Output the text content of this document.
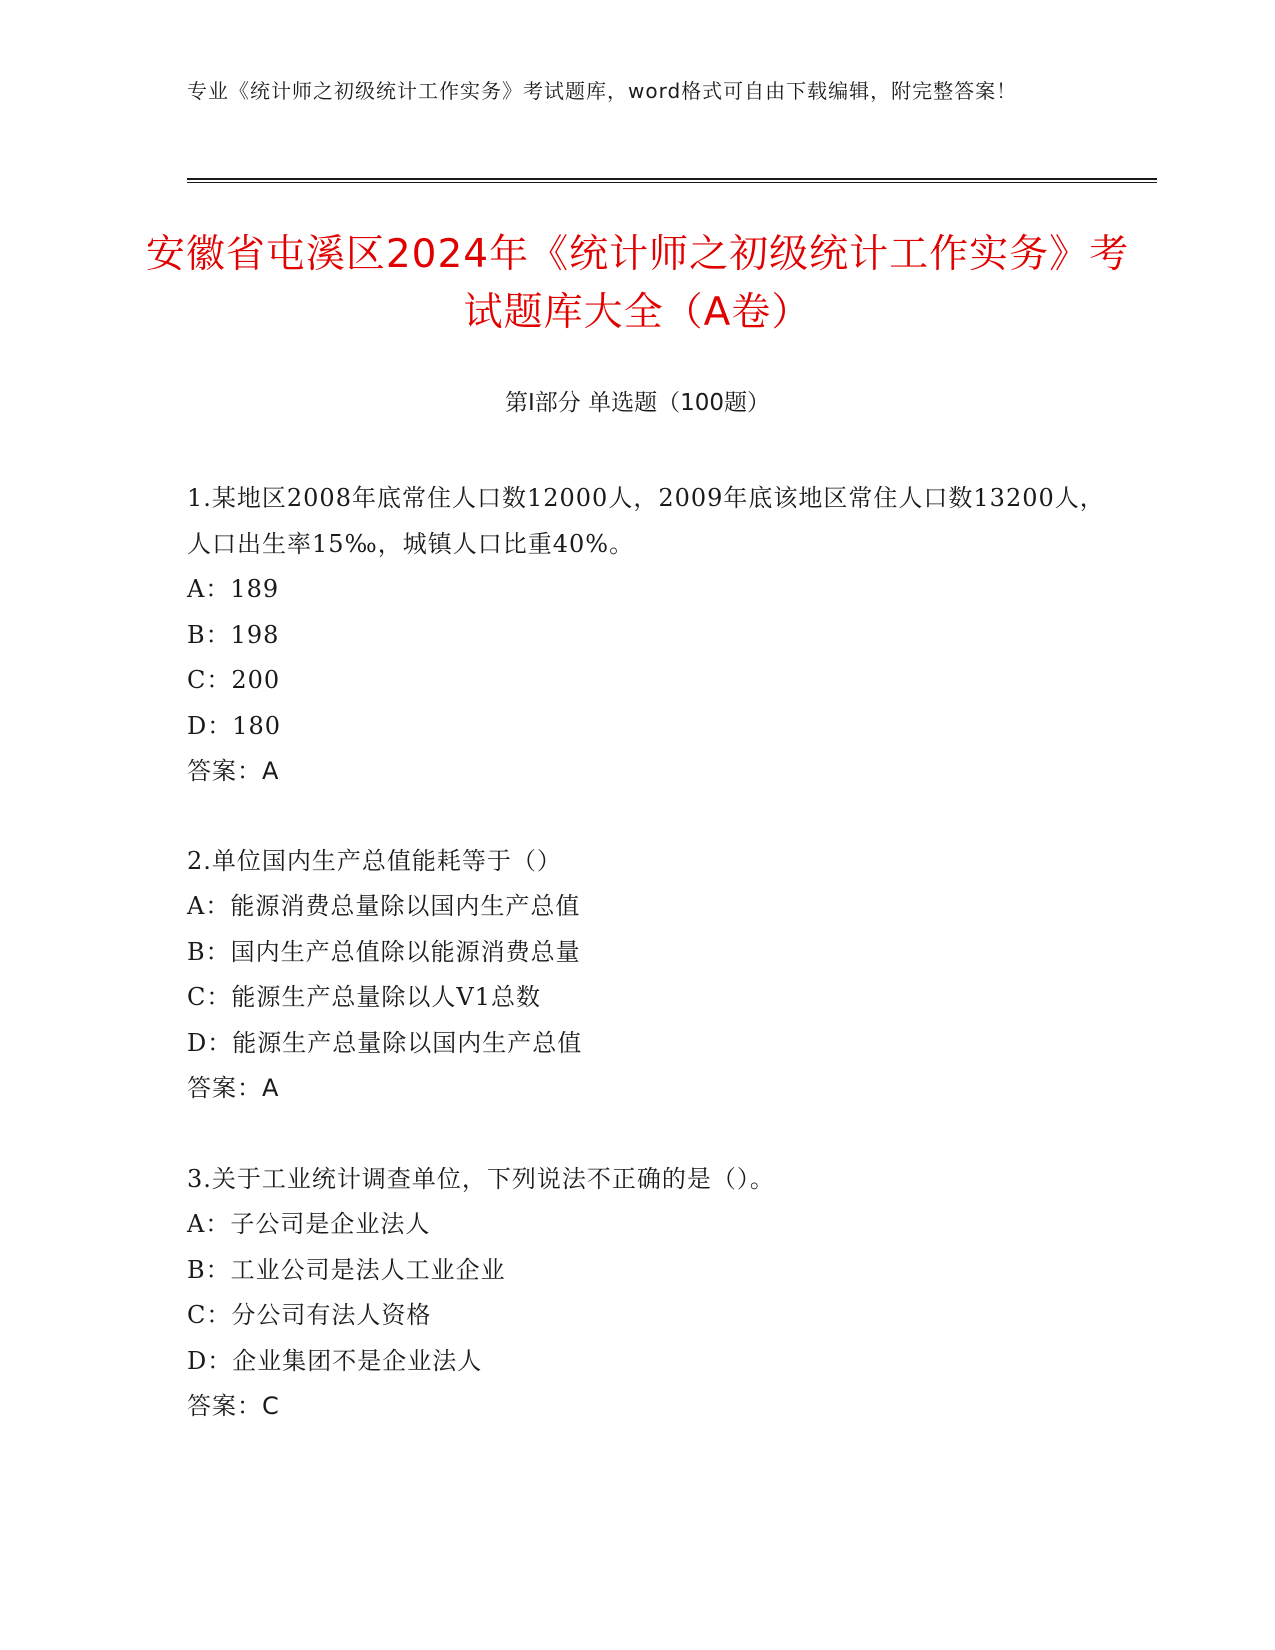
专业《统计师之初级统计工作实务》考试题库，word格式可自由下载编辑，附完整答案！
安徽省屯溪区2024年《统计师之初级统计工作实务》考试题库大全（A卷）
第I部分 单选题（100题）

1.某地区2008年底常住人口数12000人，2009年底该地区常住人口数13200人，人口出生率15‰，城镇人口比重40%。

A：189

B：198

C：200

D：180

答案：A

2.单位国内生产总值能耗等于（）

A：能源消费总量除以国内生产总值

B：国内生产总值除以能源消费总量

C：能源生产总量除以人V1总数

D：能源生产总量除以国内生产总值

答案：A

3.关于工业统计调查单位，下列说法不正确的是（）。

A：子公司是企业法人

B：工业公司是法人工业企业

C：分公司有法人资格

D：企业集团不是企业法人

答案：C
